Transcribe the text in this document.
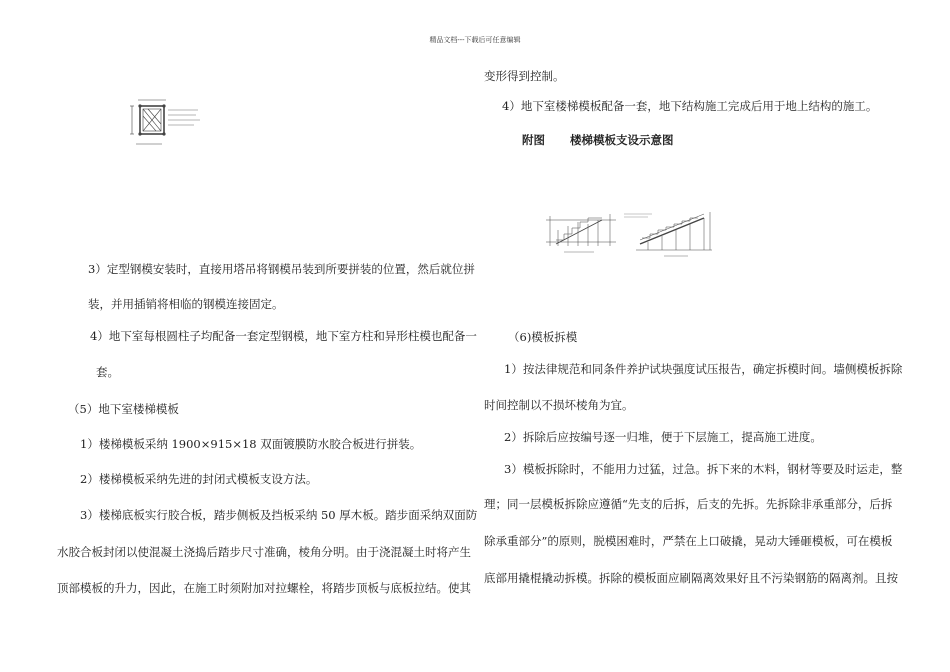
精品文档---下载后可任意编辑
3）定型钢模安装时，直接用塔吊将钢模吊装到所要拼装的位置，然后就位拼
装，并用插销将相临的钢模连接固定。
4）地下室每根圆柱子均配备一套定型钢模，地下室方柱和异形柱模也配备一
套。
（5）地下室楼梯模板
1）楼梯模板采纳 1900×915×18 双面镀膜防水胶合板进行拼装。
2）楼梯模板采纳先进的封闭式模板支设方法。
3）楼梯底板实行胶合板，踏步侧板及挡板采纳 50 厚木板。踏步面采纳双面防
水胶合板封闭以使混凝土浇捣后踏步尺寸准确，棱角分明。由于浇混凝土时将产生
顶部模板的升力，因此，在施工时须附加对拉螺栓，将踏步顶板与底板拉结。使其
变形得到控制。
4）地下室楼梯模板配备一套，地下结构施工完成后用于地上结构的施工。
附图 楼梯模板支设示意图
（6)模板拆模
1）按法律规范和同条件养护试块强度试压报告，确定拆模时间。墙侧模板拆除
时间控制以不损坏棱角为宜。
2）拆除后应按编号逐一归堆，便于下层施工，提高施工进度。
3）模板拆除时，不能用力过猛，过急。拆下来的木料，钢材等要及时运走，整
理；同一层模板拆除应遵循“先支的后拆，后支的先拆。先拆除非承重部分，后拆
除承重部分”的原则，脱模困难时，严禁在上口破撬，晃动大锤砸模板，可在模板
底部用撬棍撬动拆模。拆除的模板面应刷隔离效果好且不污染钢筋的隔离剂。且按
